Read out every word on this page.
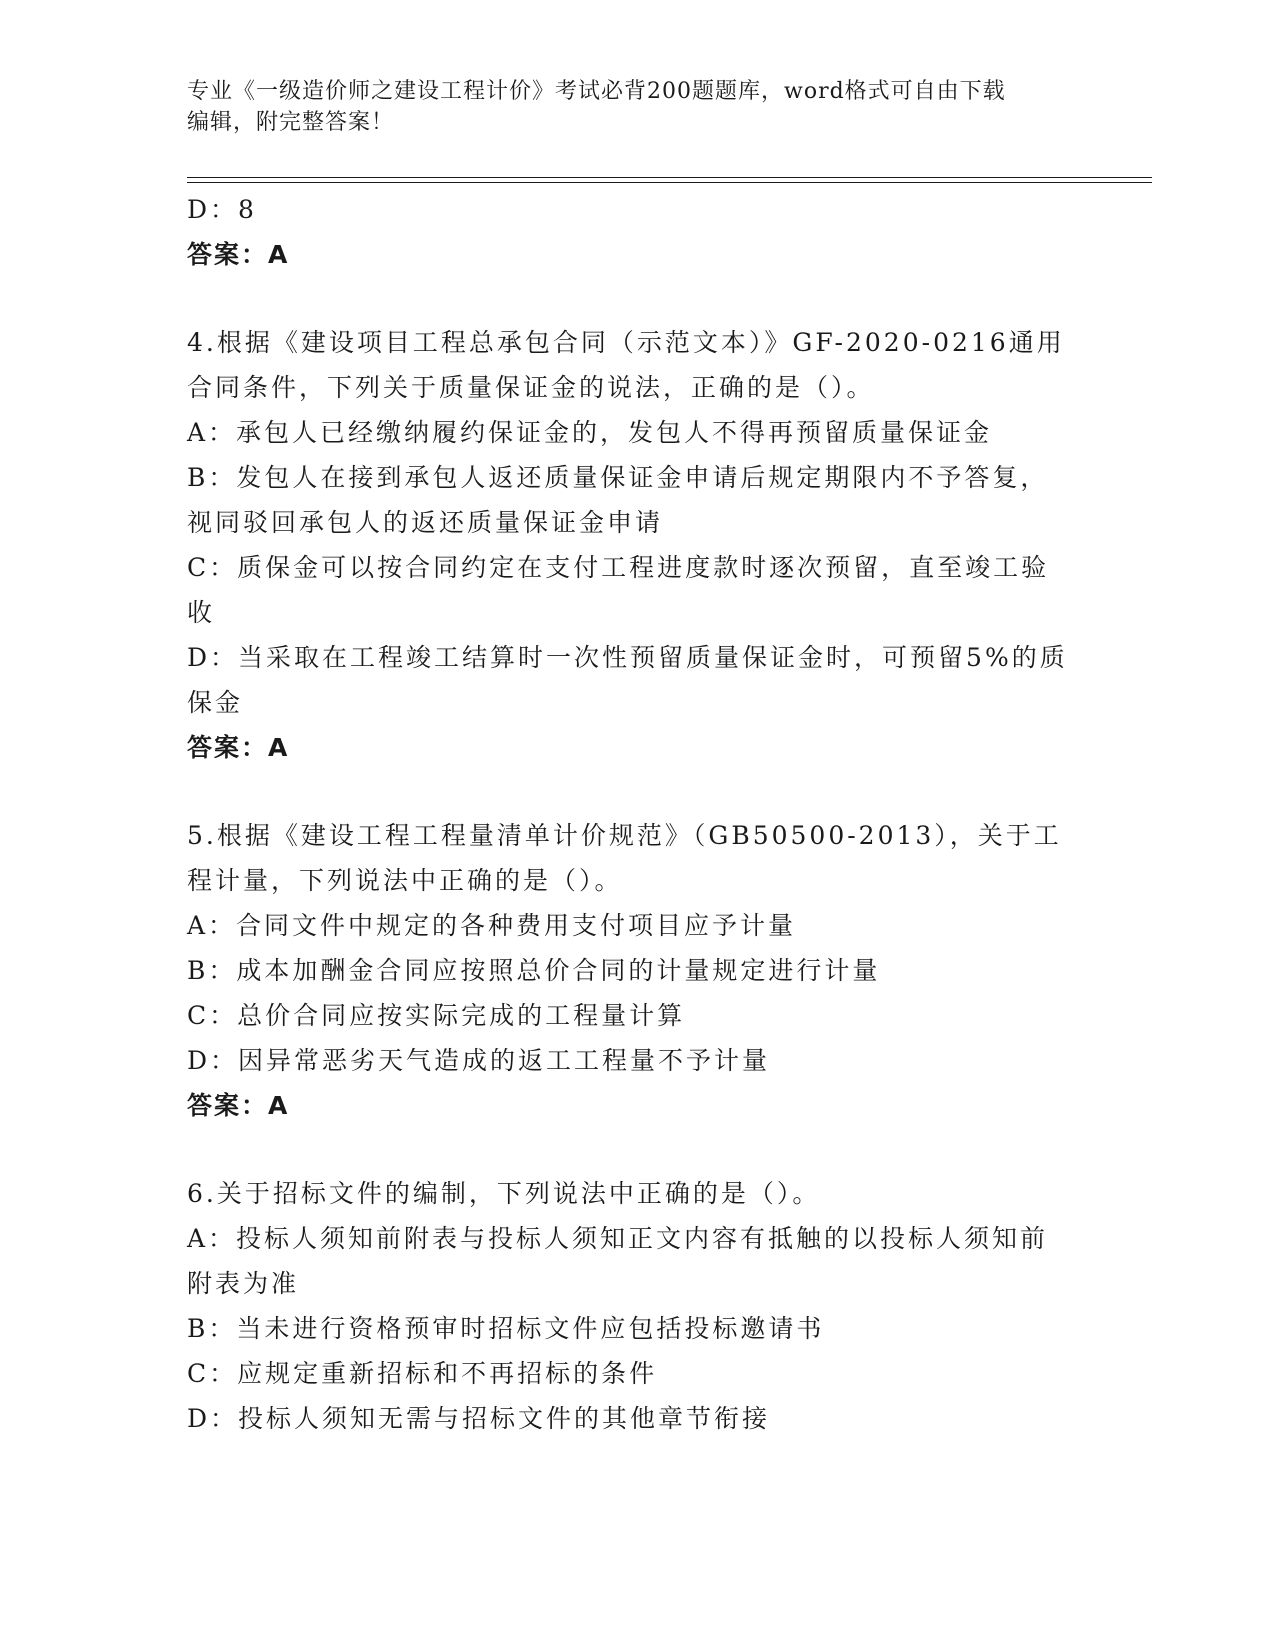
专业《一级造价师之建设工程计价》考试必背200题题库，word格式可自由下载
编辑，附完整答案！
D：8
答案：A
4.根据《建设项目工程总承包合同（示范文本）》GF-2020-0216通用
合同条件，下列关于质量保证金的说法，正确的是（）。
A：承包人已经缴纳履约保证金的，发包人不得再预留质量保证金
B：发包人在接到承包人返还质量保证金申请后规定期限内不予答复，
视同驳回承包人的返还质量保证金申请
C：质保金可以按合同约定在支付工程进度款时逐次预留，直至竣工验
收
D：当采取在工程竣工结算时一次性预留质量保证金时，可预留5%的质
保金
答案：A
5.根据《建设工程工程量清单计价规范》（GB50500-2013），关于工
程计量，下列说法中正确的是（）。
A：合同文件中规定的各种费用支付项目应予计量
B：成本加酬金合同应按照总价合同的计量规定进行计量
C：总价合同应按实际完成的工程量计算
D：因异常恶劣天气造成的返工工程量不予计量
答案：A
6.关于招标文件的编制，下列说法中正确的是（）。
A：投标人须知前附表与投标人须知正文内容有抵触的以投标人须知前
附表为准
B：当未进行资格预审时招标文件应包括投标邀请书
C：应规定重新招标和不再招标的条件
D：投标人须知无需与招标文件的其他章节衔接
